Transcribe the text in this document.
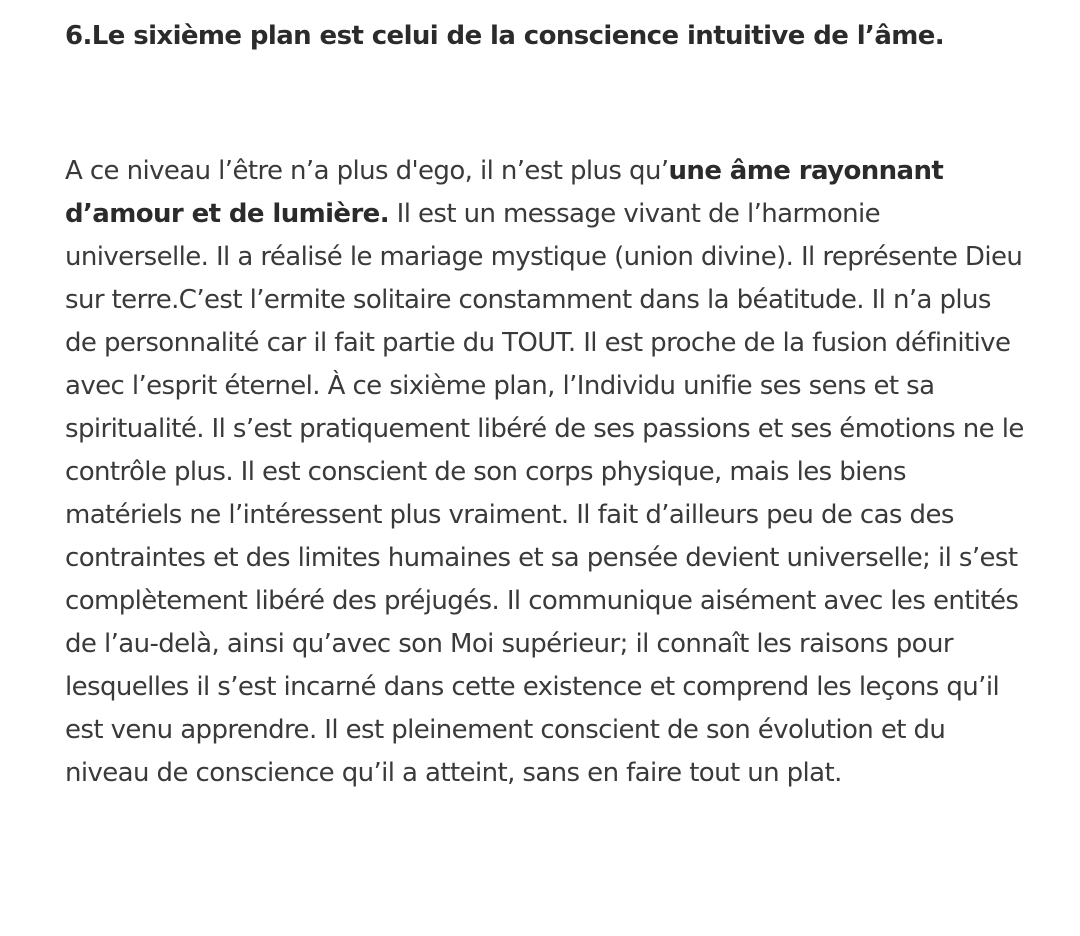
6.Le sixième plan est celui de la conscience intuitive de l’âme.

A ce niveau l’être n’a plus d'ego, il n’est plus qu’une âme rayonnant d’amour et de lumière. Il est un message vivant de l’harmonie universelle. Il a réalisé le mariage mystique (union divine). Il représente Dieu sur terre.C’est l’ermite solitaire constamment dans la béatitude. Il n’a plus de personnalité car il fait partie du TOUT. Il est proche de la fusion définitive avec l’esprit éternel. À ce sixième plan, l’Individu unifie ses sens et sa spiritualité. Il s’est pratiquement libéré de ses passions et ses émotions ne le contrôle plus. Il est conscient de son corps physique, mais les biens matériels ne l’intéressent plus vraiment. Il fait d’ailleurs peu de cas des contraintes et des limites humaines et sa pensée devient universelle; il s’est complètement libéré des préjugés. Il communique aisément avec les entités de l’au-delà, ainsi qu’avec son Moi supérieur; il connaît les raisons pour lesquelles il s’est incarné dans cette existence et comprend les leçons qu’il est venu apprendre. Il est pleinement conscient de son évolution et du niveau de conscience qu’il a atteint, sans en faire tout un plat.
